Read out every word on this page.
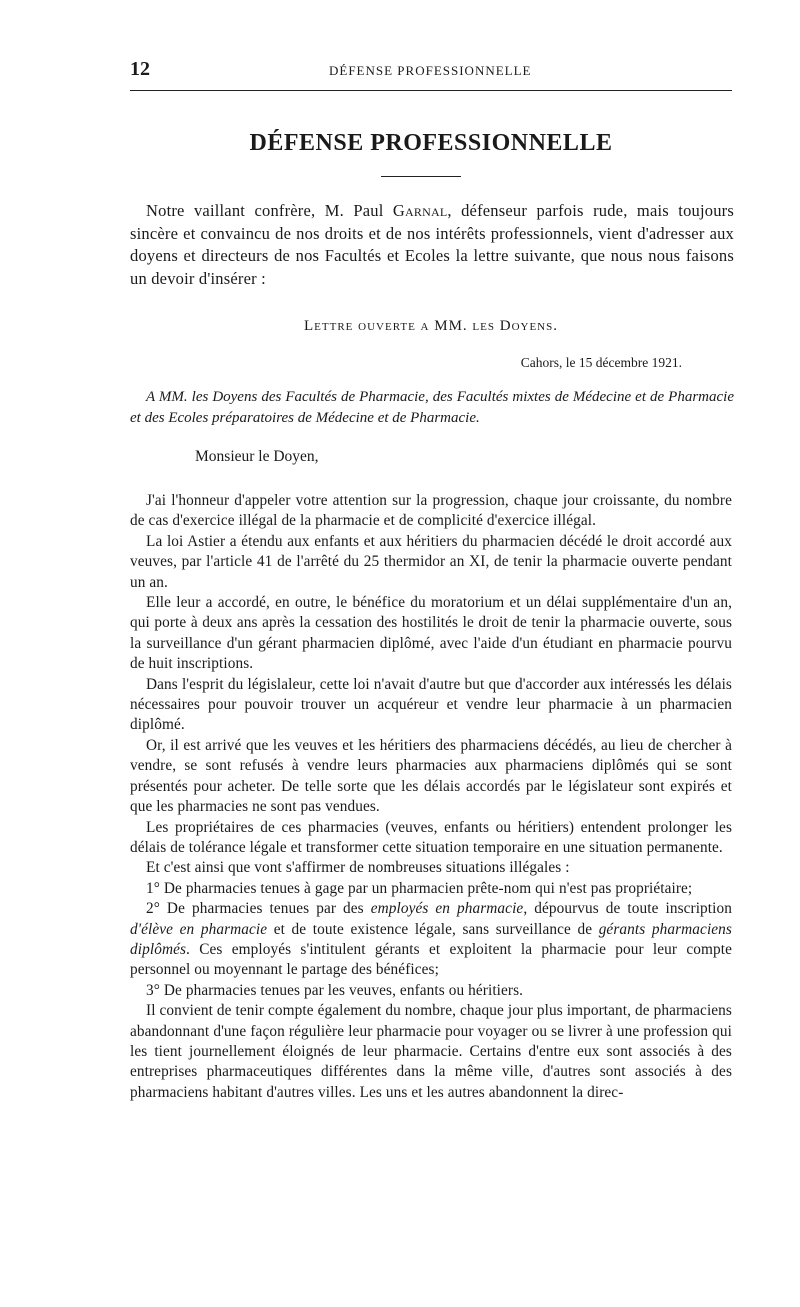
12	DÉFENSE PROFESSIONNELLE
DÉFENSE PROFESSIONNELLE

Notre vaillant confrère, M. Paul Garnal, défenseur parfois rude, mais toujours sincère et convaincu de nos droits et de nos intérêts professionnels, vient d'adresser aux doyens et directeurs de nos Facultés et Ecoles la lettre suivante, que nous nous faisons un devoir d'insérer :

Lettre ouverte a MM. les Doyens.
Cahors, le 15 décembre 1921.

A MM. les Doyens des Facultés de Pharmacie, des Facultés mixtes de Médecine et de Pharmacie et des Ecoles préparatoires de Médecine et de Pharmacie.

Monsieur le Doyen,

J'ai l'honneur d'appeler votre attention sur la progression, chaque jour croissante, du nombre de cas d'exercice illégal de la pharmacie et de complicité d'exercice illégal.

La loi Astier a étendu aux enfants et aux héritiers du pharmacien décédé le droit accordé aux veuves, par l'article 41 de l'arrêté du 25 thermidor an XI, de tenir la pharmacie ouverte pendant un an.

Elle leur a accordé, en outre, le bénéfice du moratorium et un délai supplémentaire d'un an, qui porte à deux ans après la cessation des hostilités le droit de tenir la pharmacie ouverte, sous la surveillance d'un gérant pharmacien diplômé, avec l'aide d'un étudiant en pharmacie pourvu de huit inscriptions.

Dans l'esprit du législaleur, cette loi n'avait d'autre but que d'accorder aux intéressés les délais nécessaires pour pouvoir trouver un acquéreur et vendre leur pharmacie à un pharmacien diplômé.

Or, il est arrivé que les veuves et les héritiers des pharmaciens décédés, au lieu de chercher à vendre, se sont refusés à vendre leurs pharmacies aux pharmaciens diplômés qui se sont présentés pour acheter. De telle sorte que les délais accordés par le législateur sont expirés et que les pharmacies ne sont pas vendues.

Les propriétaires de ces pharmacies (veuves, enfants ou héritiers) entendent prolonger les délais de tolérance légale et transformer cette situation temporaire en une situation permanente.

Et c'est ainsi que vont s'affirmer de nombreuses situations illégales :

1° De pharmacies tenues à gage par un pharmacien prête-nom qui n'est pas propriétaire;

2° De pharmacies tenues par des employés en pharmacie, dépourvus de toute inscription d'élève en pharmacie et de toute existence légale, sans surveillance de gérants pharmaciens diplômés. Ces employés s'intitulent gérants et exploitent la pharmacie pour leur compte personnel ou moyennant le partage des bénéfices;

3° De pharmacies tenues par les veuves, enfants ou héritiers.

Il convient de tenir compte également du nombre, chaque jour plus important, de pharmaciens abandonnant d'une façon régulière leur pharmacie pour voyager ou se livrer à une profession qui les tient journellement éloignés de leur pharmacie. Certains d'entre eux sont associés à des entreprises pharmaceutiques différentes dans la même ville, d'autres sont associés à des pharmaciens habitant d'autres villes. Les uns et les autres abandonnent la direc-
